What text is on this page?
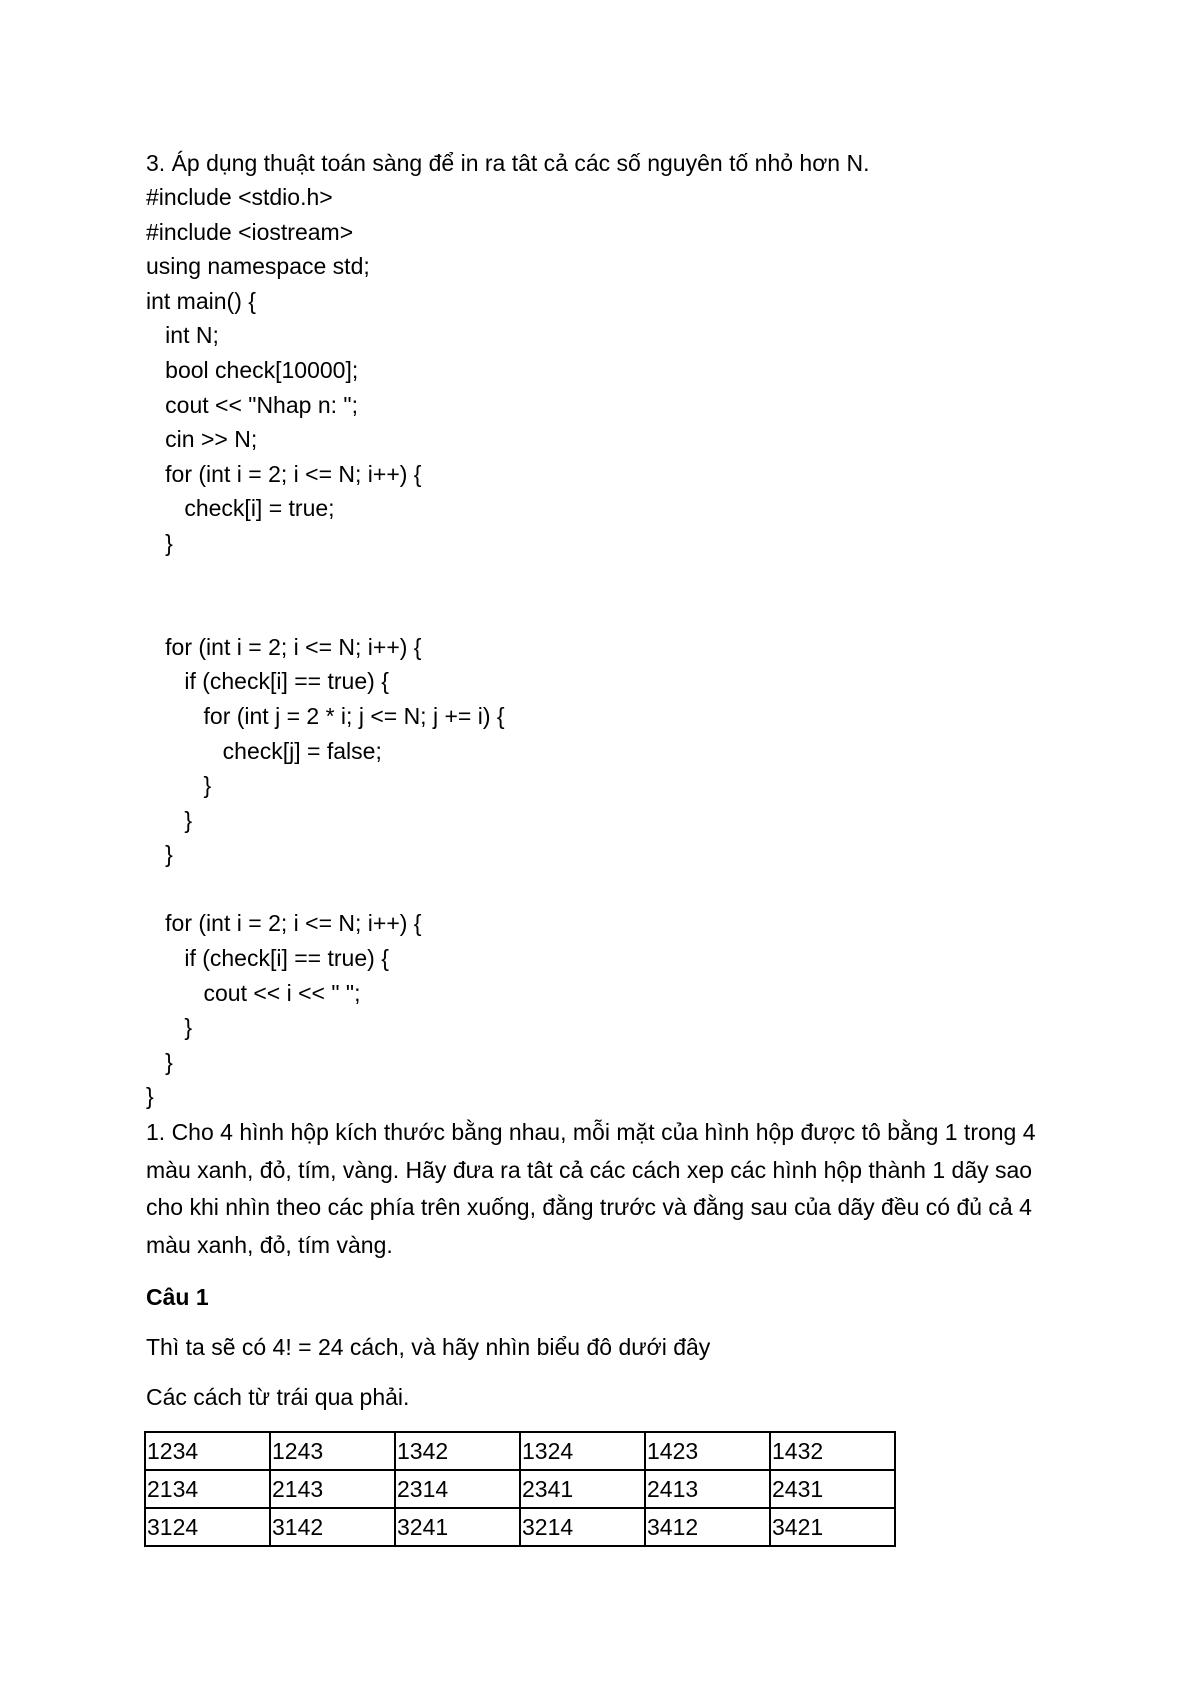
3. Áp dụng thuật toán sàng để in ra tât cả các số nguyên tố nhỏ hơn N.
#include <stdio.h>
#include <iostream>
using namespace std;
int main() {
int N;
bool check[10000];
cout << "Nhap n: ";
cin >> N;
for (int i = 2; i <= N; i++) {
check[i] = true;
}
for (int i = 2; i <= N; i++) {
if (check[i] == true) {
for (int j = 2 * i; j <= N; j += i) {
check[j] = false;
}
}
}
for (int i = 2; i <= N; i++) {
if (check[i] == true) {
cout << i << " ";
}
}
}
1. Cho 4 hình hộp kích thước bằng nhau, mỗi mặt của hình hộp được tô bằng 1 trong 4 màu xanh, đỏ, tím, vàng. Hãy đưa ra tât cả các cách xep các hình hộp thành 1 dãy sao cho khi nhìn theo các phía trên xuống, đằng trước và đằng sau của dãy đều có đủ cả 4 màu xanh, đỏ, tím vàng.
Câu 1
Thì ta sẽ có 4! = 24 cách, và hãy nhìn biểu đô dưới đây
Các cách từ trái qua phải.
1234	1243	1342	1324	1423	1432
2134	2143	2314	2341	2413	2431
3124	3142	3241	3214	3412	3421
